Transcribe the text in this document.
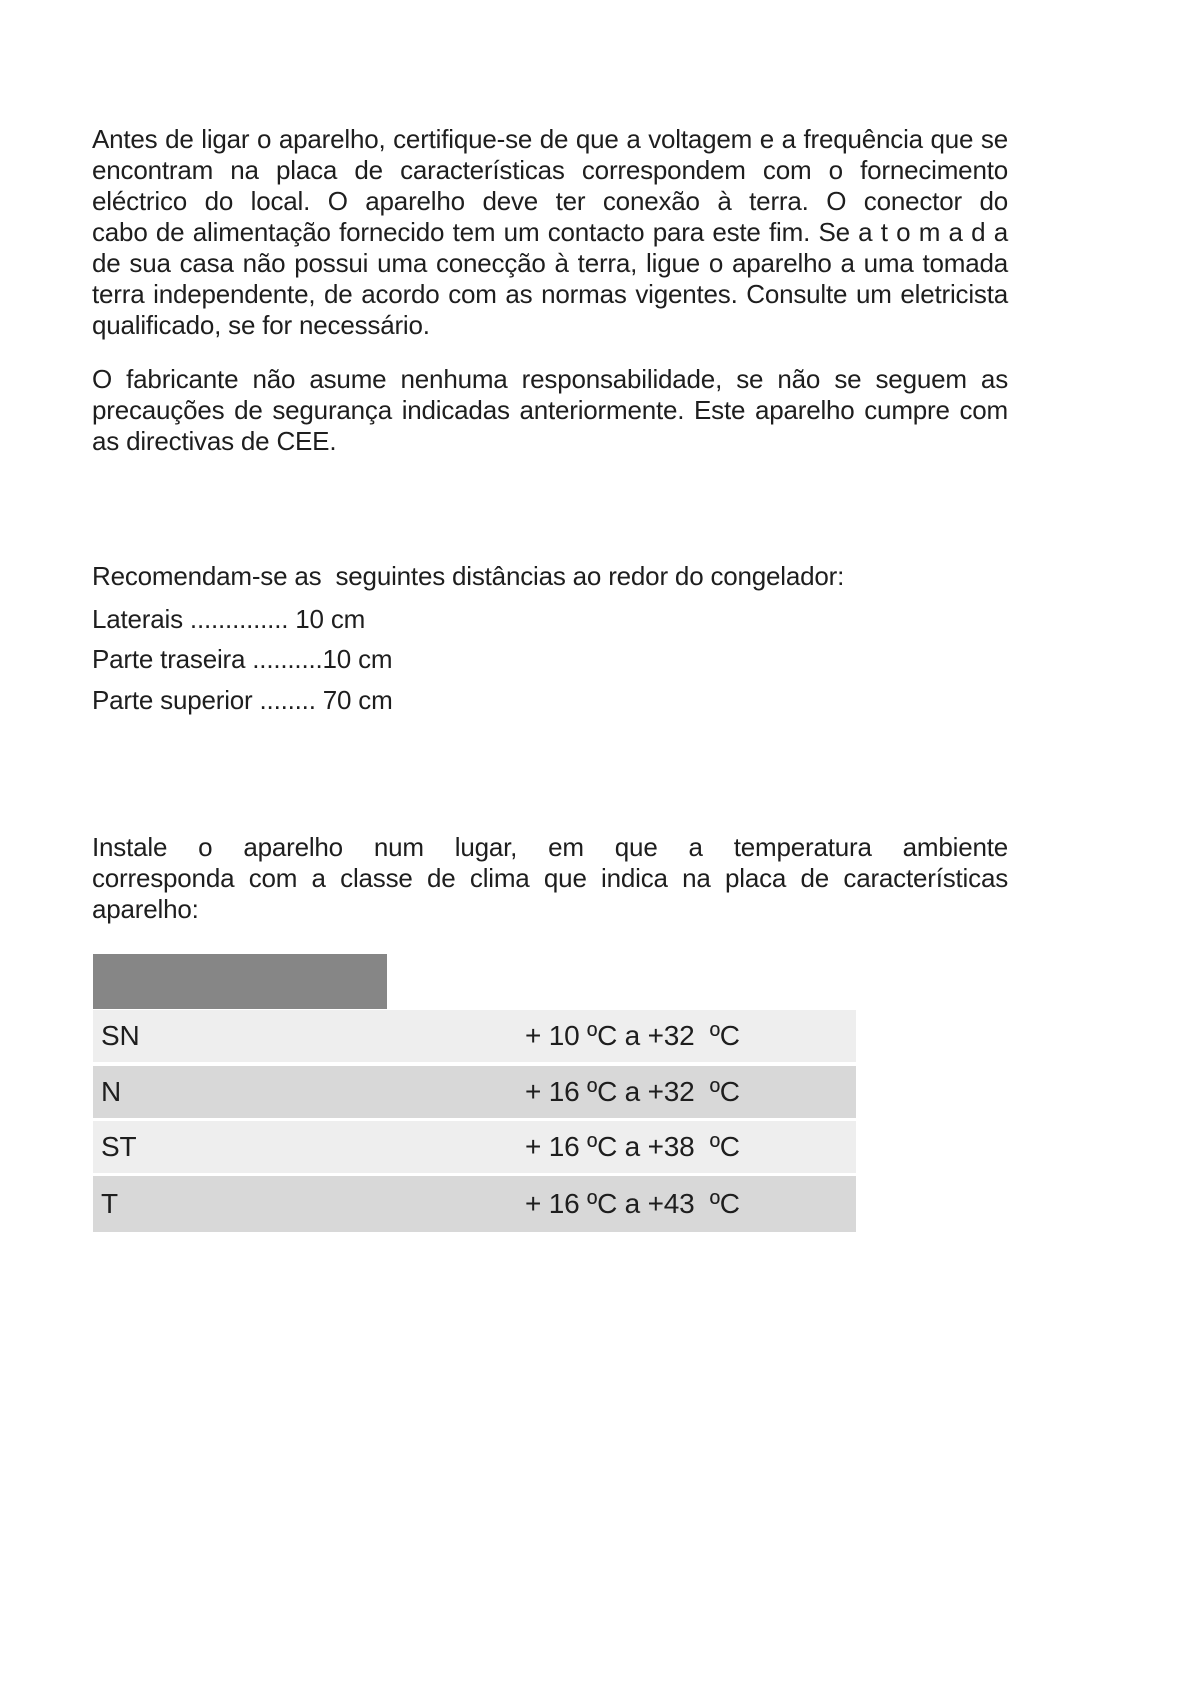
Antes de ligar o aparelho, certifique-se de que a voltagem e a frequência que se
encontram na placa de características correspondem com o fornecimento
eléctrico do local. O aparelho deve ter conexão à terra. O conector do
cabo de alimentação fornecido tem um contacto para este fim. Se a t o m a d a
de sua casa não possui uma conecção à terra, ligue o aparelho a uma tomada
terra independente, de acordo com as normas vigentes. Consulte um eletricista
qualificado, se for necessário.
O fabricante não asume nenhuma responsabilidade, se não se seguem as
precauções de segurança indicadas anteriormente. Este aparelho cumpre com
as directivas de CEE.
Recomendam-se as  seguintes distâncias ao redor do congelador:
Laterais .............. 10 cm
Parte traseira ..........10 cm
Parte superior ........ 70 cm
Instale o aparelho num lugar, em que a temperatura ambiente
corresponda com a classe de clima que indica na placa de características
aparelho:
SN	+ 10 ºC a +32  ºC
N	+ 16 ºC a +32  ºC
ST	+ 16 ºC a +38  ºC
T	+ 16 ºC a +43  ºC
